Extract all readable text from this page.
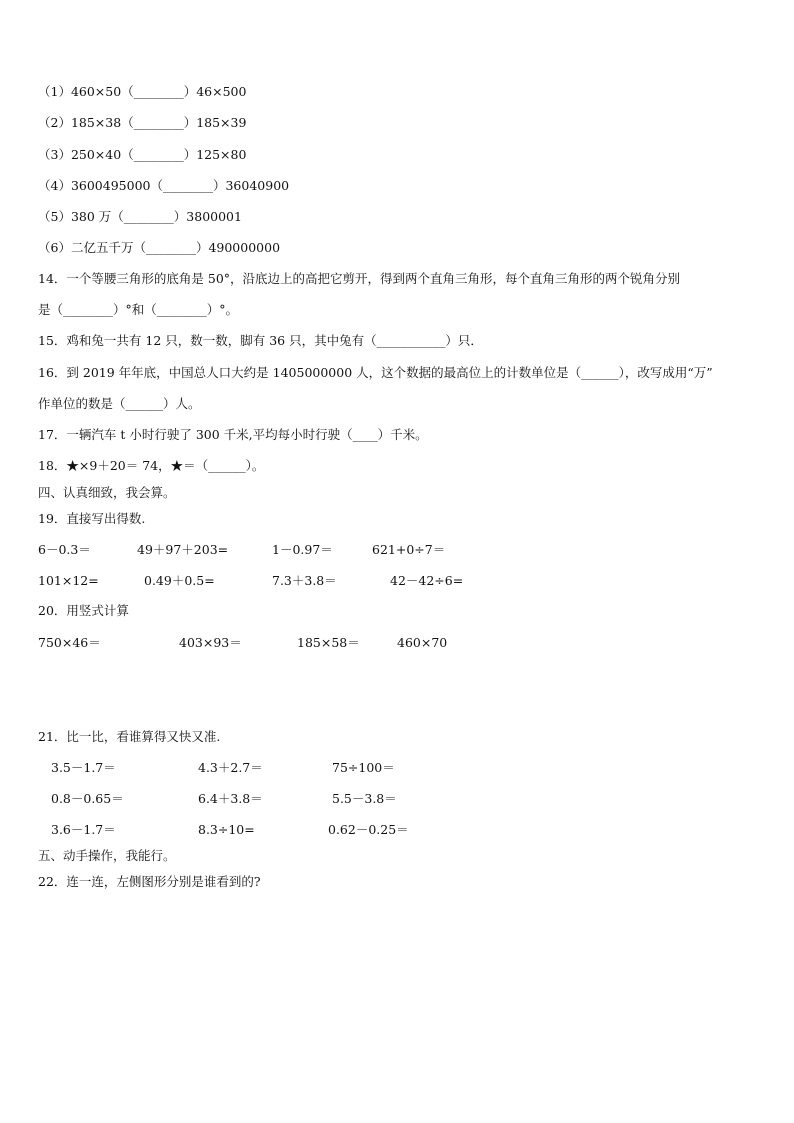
（1）460×50（________）46×500
（2）185×38（________）185×39
（3）250×40（________）125×80
（4）3600495000（________）36040900
（5）380 万（________）3800001
（6）二亿五千万（________）490000000
14．一个等腰三角形的底角是 50°，沿底边上的高把它剪开，得到两个直角三角形，每个直角三角形的两个锐角分别
是（________）°和（________）°。
15．鸡和兔一共有 12 只，数一数，脚有 36 只，其中兔有（___________）只．
16．到 2019 年年底，中国总人口大约是 1405000000 人，这个数据的最高位上的计数单位是（______），改写成用“万”
作单位的数是（______）人。
17．一辆汽车 t 小时行驶了 300 千米,平均每小时行驶（____）千米。
18．★×9＋20＝ 74，★＝（______）。
四、认真细致，我会算。
19．直接写出得数.
6－0.3＝	49＋97＋203=	1－0.97＝	621+0÷7＝
101×12=	0.49＋0.5=	7.3＋3.8＝	42－42÷6=
20．用竖式计算
750×46＝	403×93＝	185×58＝	460×70
21．比一比，看谁算得又快又准.
3.5－1.7＝	4.3＋2.7＝	75÷100＝
0.8－0.65＝	6.4＋3.8＝	5.5－3.8＝
3.6－1.7＝	8.3÷10=	0.62－0.25＝
五、动手操作，我能行。
22．连一连，左侧图形分别是谁看到的?
